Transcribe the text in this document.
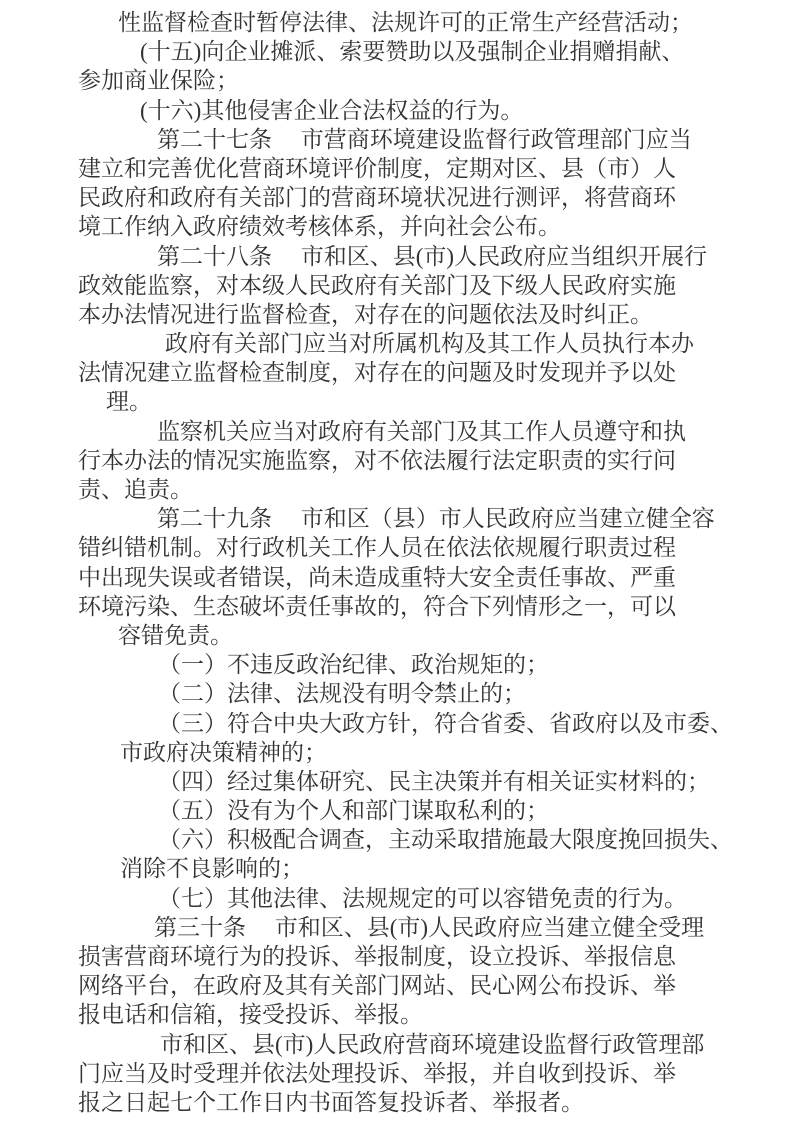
性监督检查时暂停法律、法规许可的正常生产经营活动；
(十五)向企业摊派、索要赞助以及强制企业捐赠捐献、
参加商业保险；
(十六)其他侵害企业合法权益的行为。
第二十七条　 市营商环境建设监督行政管理部门应当
建立和完善优化营商环境评价制度，定期对区、县（市）人
民政府和政府有关部门的营商环境状况进行测评，将营商环
境工作纳入政府绩效考核体系，并向社会公布。
第二十八条　 市和区、县(市)人民政府应当组织开展行
政效能监察，对本级人民政府有关部门及下级人民政府实施
本办法情况进行监督检查，对存在的问题依法及时纠正。
政府有关部门应当对所属机构及其工作人员执行本办
法情况建立监督检查制度，对存在的问题及时发现并予以处
理。
监察机关应当对政府有关部门及其工作人员遵守和执
行本办法的情况实施监察，对不依法履行法定职责的实行问
责、追责。
第二十九条　 市和区（县）市人民政府应当建立健全容
错纠错机制。对行政机关工作人员在依法依规履行职责过程
中出现失误或者错误，尚未造成重特大安全责任事故、严重
环境污染、生态破坏责任事故的，符合下列情形之一，可以
容错免责。
（一）不违反政治纪律、政治规矩的；
（二）法律、法规没有明令禁止的；
（三）符合中央大政方针，符合省委、省政府以及市委、
市政府决策精神的；
（四）经过集体研究、民主决策并有相关证实材料的；
（五）没有为个人和部门谋取私利的；
（六）积极配合调查，主动采取措施最大限度挽回损失、
消除不良影响的；
（七）其他法律、法规规定的可以容错免责的行为。
第三十条　 市和区、县(市)人民政府应当建立健全受理
损害营商环境行为的投诉、举报制度，设立投诉、举报信息
网络平台，在政府及其有关部门网站、民心网公布投诉、举
报电话和信箱，接受投诉、举报。
市和区、县(市)人民政府营商环境建设监督行政管理部
门应当及时受理并依法处理投诉、举报，并自收到投诉、举
报之日起七个工作日内书面答复投诉者、举报者。
